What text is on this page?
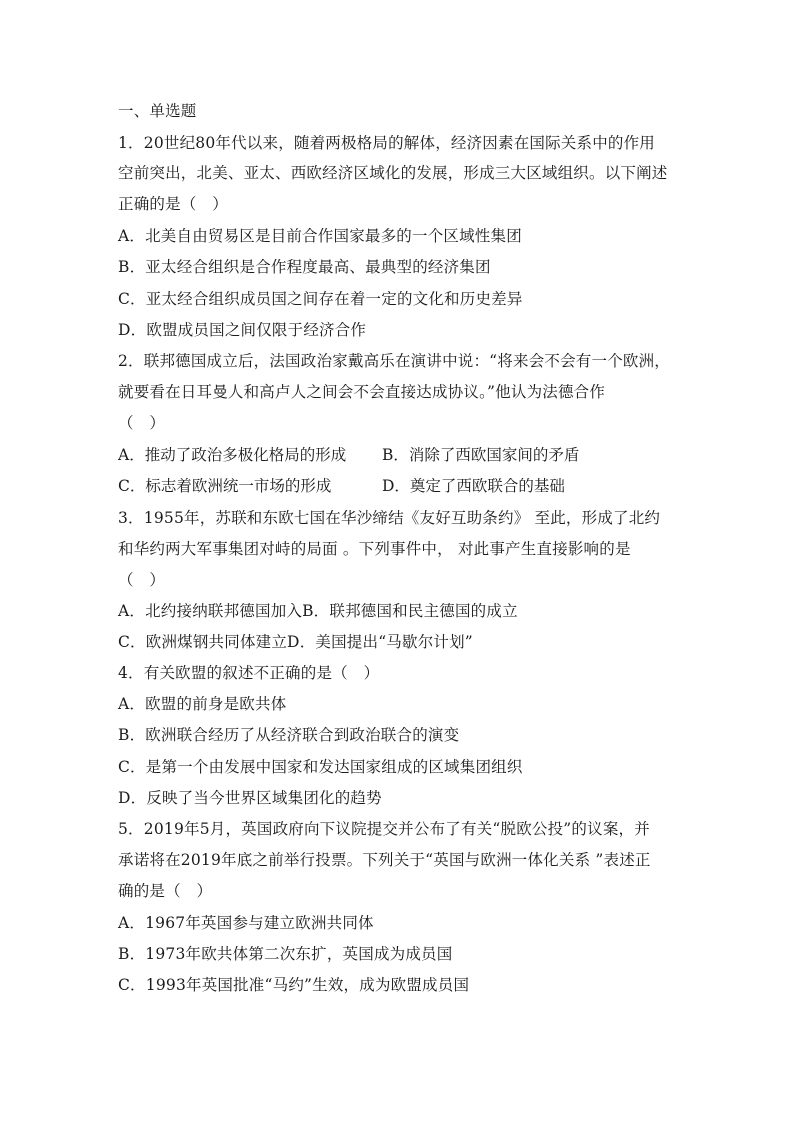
一、单选题
1．20世纪80年代以来，随着两极格局的解体，经济因素在国际关系中的作用
空前突出，北美、亚太、西欧经济区域化的发展，形成三大区域组织。以下阐述
正确的是（　）
A．北美自由贸易区是目前合作国家最多的一个区域性集团
B．亚太经合组织是合作程度最高、最典型的经济集团
C．亚太经合组织成员国之间存在着一定的文化和历史差异
D．欧盟成员国之间仅限于经济合作
2．联邦德国成立后，法国政治家戴高乐在演讲中说：“将来会不会有一个欧洲，
就要看在日耳曼人和高卢人之间会不会直接达成协议。”他认为法德合作
（　）
A．推动了政治多极化格局的形成 B．消除了西欧国家间的矛盾
C．标志着欧洲统一市场的形成	D．奠定了西欧联合的基础
3．1955年，苏联和东欧七国在华沙缔结《友好互助条约》 至此，形成了北约
和华约两大军事集团对峙的局面 。下列事件中， 对此事产生直接影响的是
（　）
A．北约接纳联邦德国加入B．联邦德国和民主德国的成立
C．欧洲煤钢共同体建立D．美国提出“马歇尔计划”
4．有关欧盟的叙述不正确的是（　）
A．欧盟的前身是欧共体
B．欧洲联合经历了从经济联合到政治联合的演变
C．是第一个由发展中国家和发达国家组成的区域集团组织
D．反映了当今世界区域集团化的趋势
5．2019年5月，英国政府向下议院提交并公布了有关“脱欧公投”的议案，并
承诺将在2019年底之前举行投票。下列关于“英国与欧洲一体化关系 ”表述正
确的是（　）
A．1967年英国参与建立欧洲共同体
B．1973年欧共体第二次东扩，英国成为成员国
C．1993年英国批准“马约”生效，成为欧盟成员国
